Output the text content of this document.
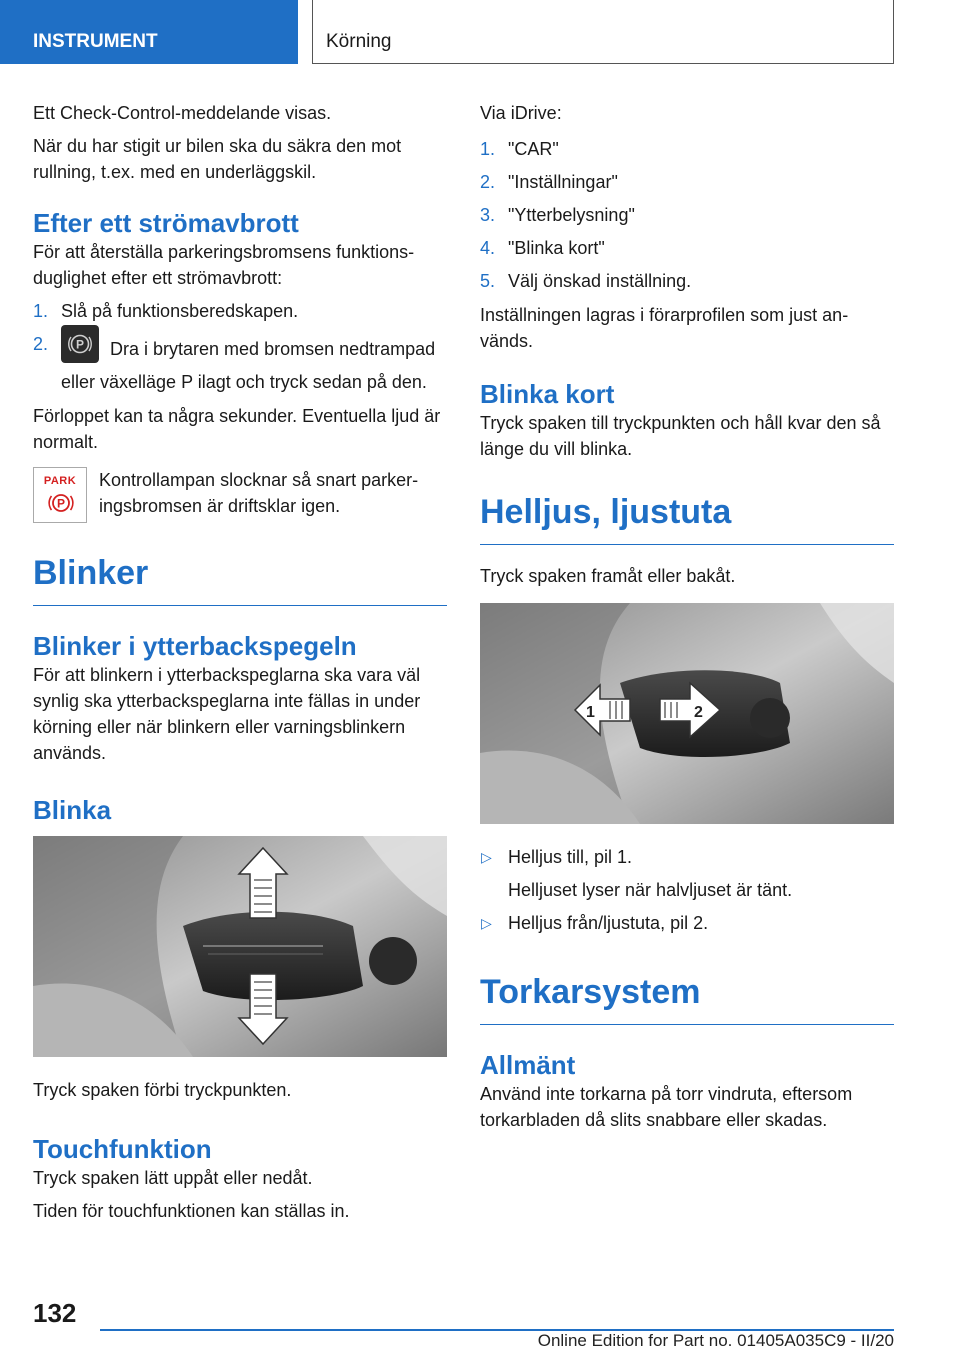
INSTRUMENT	Körning

Ett Check-Control-meddelande visas.

När du har stigit ur bilen ska du säkra den mot rullning, t.ex. med en underläggskil.

Efter ett strömavbrott

För att återställa parkeringsbromsens funktionsduglighet efter ett strömavbrott:

1. Slå på funktionsberedskapen.
2. P Dra i brytaren med bromsen nedtrampad eller växelläge P ilagt och tryck sedan på den.

Förloppet kan ta några sekunder. Eventuella ljud är normalt.

PARK
P

Kontrollampan slocknar så snart parkeringsbromsen är driftsklar igen.

Blinker
Blinker i ytterbackspegeln

För att blinkern i ytterbackspeglarna ska vara väl synlig ska ytterbackspeglarna inte fällas in under körning eller när blinkern eller varningsblinkern används.

Blinka

Tryck spaken förbi tryckpunkten.

Touchfunktion

Tryck spaken lätt uppåt eller nedåt.

Tiden för touchfunktionen kan ställas in.

Via iDrive:

1. "CAR"
2. "Inställningar"
3. "Ytterbelysning"
4. "Blinka kort"
5. Välj önskad inställning.

Inställningen lagras i förarprofilen som just används.

Blinka kort

Tryck spaken till tryckpunkten och håll kvar den så länge du vill blinka.

Helljus, ljustuta

Tryck spaken framåt eller bakåt.

1	2
▷ Helljus till, pil 1.
Helljuset lyser när halvljuset är tänt.
▷ Helljus från/ljustuta, pil 2.
Torkarsystem
Allmänt

Använd inte torkarna på torr vindruta, eftersom torkarbladen då slits snabbare eller skadas.

132
Online Edition for Part no. 01405A035C9 - II/20
